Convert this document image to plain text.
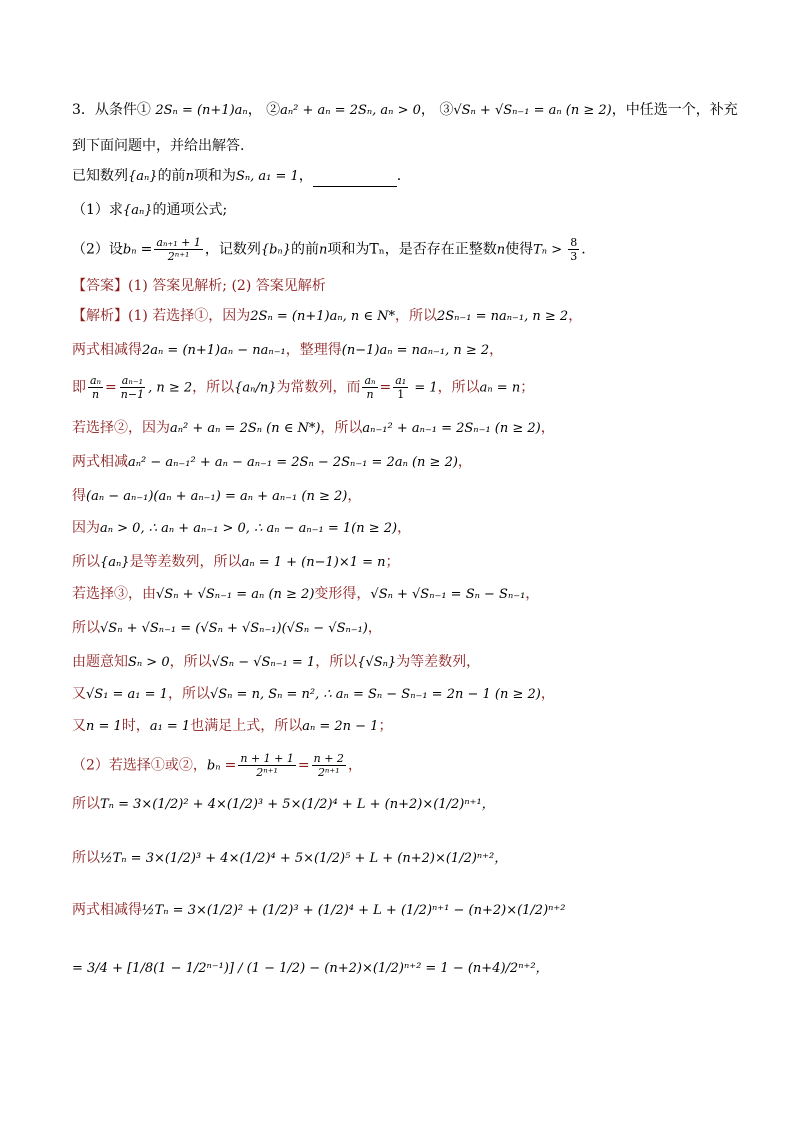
3．从条件① 2Sₙ = (n+1)aₙ， ②aₙ² + aₙ = 2Sₙ, aₙ > 0， ③√Sₙ + √Sₙ₋₁ = aₙ (n ≥ 2)，中任选一个，补充
到下面问题中，并给出解答.
已知数列{aₙ}的前n项和为Sₙ, a₁ = 1，	.
（1）求{aₙ}的通项公式;
（2）设$b_n = \frac{\text{aₙ₊₁ + 1}}{\text{2ⁿ⁺¹}}$ ，记数列{bₙ}的前n项和为Tₙ，是否存在正整数n使得$T_n > \frac{8}{3}$ .
【答案】(1) 答案见解析; (2) 答案见解析
【解析】(1) 若选择①，因为2Sₙ = (n+1)aₙ, n ∈ N*，所以2Sₙ₋₁ = naₙ₋₁, n ≥ 2，
两式相减得2aₙ = (n+1)aₙ − naₙ₋₁，整理得(n−1)aₙ = naₙ₋₁, n ≥ 2，
即 $\frac{\text{aₙ}}{n} = \frac{\text{aₙ₋₁}}{n-1}$ , n ≥ 2，所以{aₙ/n}为常数列，而 $\frac{\text{aₙ}}{n} = \frac{\text{a₁}}{1} = 1$，所以aₙ = n；
若选择②，因为aₙ² + aₙ = 2Sₙ (n ∈ N*)，所以aₙ₋₁² + aₙ₋₁ = 2Sₙ₋₁ (n ≥ 2)，
两式相减aₙ² − aₙ₋₁² + aₙ − aₙ₋₁ = 2Sₙ − 2Sₙ₋₁ = 2aₙ (n ≥ 2)，
得(aₙ − aₙ₋₁)(aₙ + aₙ₋₁) = aₙ + aₙ₋₁ (n ≥ 2)，
因为aₙ > 0, ∴ aₙ + aₙ₋₁ > 0, ∴ aₙ − aₙ₋₁ = 1(n ≥ 2)，
所以{aₙ}是等差数列，所以aₙ = 1 + (n−1)×1 = n；
若选择③，由√Sₙ + √Sₙ₋₁ = aₙ (n ≥ 2)变形得，√Sₙ + √Sₙ₋₁ = Sₙ − Sₙ₋₁，
所以√Sₙ + √Sₙ₋₁ = (√Sₙ + √Sₙ₋₁)(√Sₙ − √Sₙ₋₁)，
由题意知Sₙ > 0，所以√Sₙ − √Sₙ₋₁ = 1，所以{√Sₙ}为等差数列，
又√S₁ = a₁ = 1，所以√Sₙ = n, Sₙ = n², ∴ aₙ = Sₙ − Sₙ₋₁ = 2n − 1 (n ≥ 2)，
又n = 1时，a₁ = 1也满足上式，所以aₙ = 2n − 1；
（2）若选择①或②，$b_n = \frac{n + 1 + 1}{\text{2ⁿ⁺¹}} = \frac{n + 2}{\text{2ⁿ⁺¹}}$ ，
所以Tₙ = 3×(1/2)² + 4×(1/2)³ + 5×(1/2)⁴ + L + (n+2)×(1/2)ⁿ⁺¹，
所以½Tₙ = 3×(1/2)³ + 4×(1/2)⁴ + 5×(1/2)⁵ + L + (n+2)×(1/2)ⁿ⁺²，
两式相减得½Tₙ = 3×(1/2)² + (1/2)³ + (1/2)⁴ + L + (1/2)ⁿ⁺¹ − (n+2)×(1/2)ⁿ⁺²
= 3/4 + [1/8(1 − 1/2ⁿ⁻¹)] / (1 − 1/2) − (n+2)×(1/2)ⁿ⁺² = 1 − (n+4)/2ⁿ⁺²，
